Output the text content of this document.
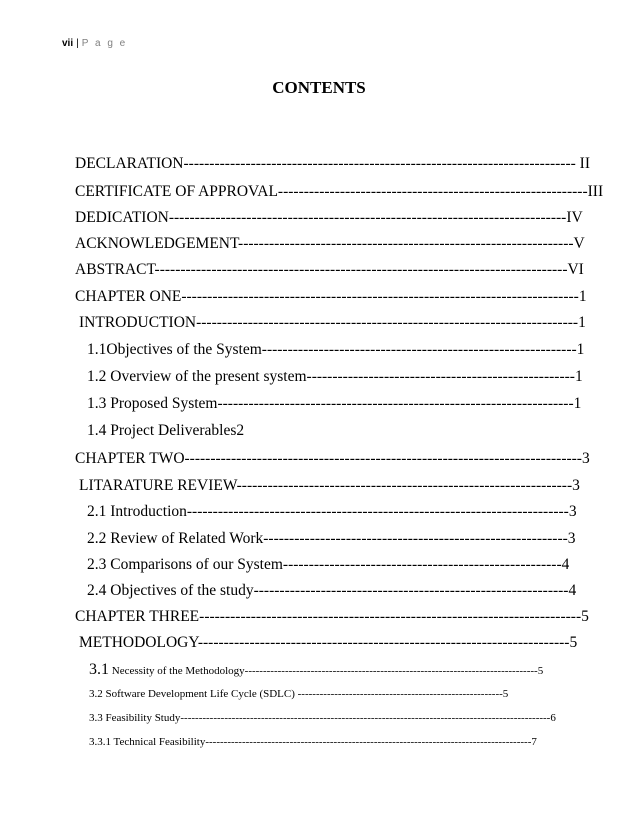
vii | P a g e
CONTENTS
DECLARATION---------------------------------------------------------------------------- II
CERTIFICATE OF APPROVAL------------------------------------------------------------III
DEDICATION-----------------------------------------------------------------------------IV
ACKNOWLEDGEMENT-----------------------------------------------------------------V
ABSTRACT--------------------------------------------------------------------------------VI
CHAPTER ONE-----------------------------------------------------------------------------1
INTRODUCTION--------------------------------------------------------------------------1
1.1Objectives of the System-------------------------------------------------------------1
1.2 Overview of the present system----------------------------------------------------1
1.3 Proposed System---------------------------------------------------------------------1
1.4 Project Deliverables2
CHAPTER TWO-----------------------------------------------------------------------------3
LITARATURE REVIEW-----------------------------------------------------------------3
2.1 Introduction--------------------------------------------------------------------------3
2.2 Review of Related Work-----------------------------------------------------------3
2.3 Comparisons of our System------------------------------------------------------4
2.4 Objectives of the study-------------------------------------------------------------4
CHAPTER THREE--------------------------------------------------------------------------5
METHODOLOGY------------------------------------------------------------------------5
3.1 Necessity of the Methodology--------------------------------------------------------------------------------5
3.2 Software Development Life Cycle (SDLC) --------------------------------------------------------5
3.3 Feasibility Study-----------------------------------------------------------------------------------------------------6
3.3.1 Technical Feasibility-----------------------------------------------------------------------------------------7
